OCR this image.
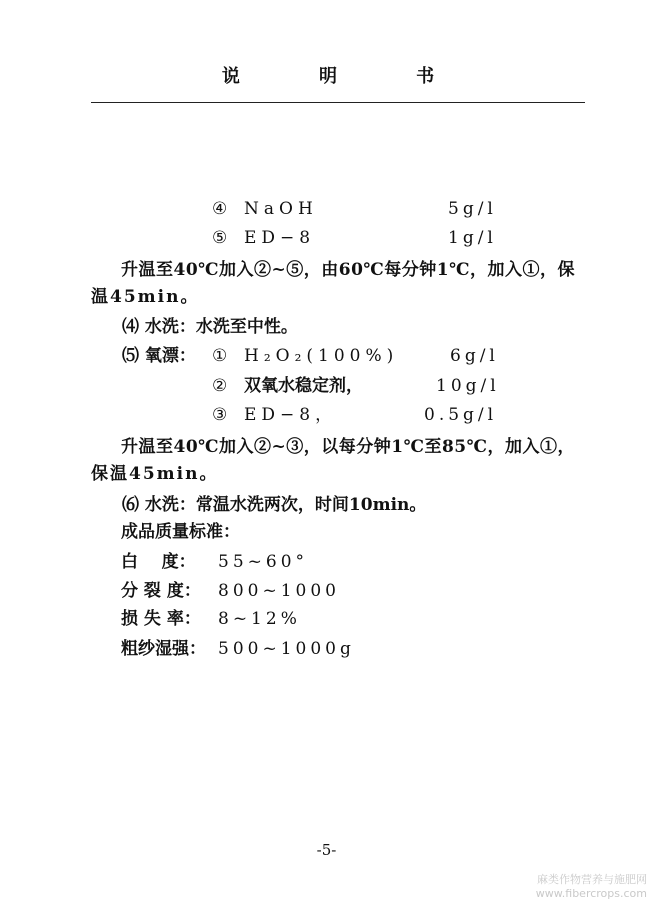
说	明	书
④ NaOH	5g/l
⑤ ED−8	1g/l
升温至40℃加入②~⑤，由60℃每分钟1℃，加入①，保
温45min。
⑷ 水洗：水洗至中性。
⑸ 氧漂： ① H₂O₂(100%)	6g/l
② 双氧水稳定剂，	10g/l
③ ED−8，	0.5g/l
升温至40℃加入②~③，以每分钟1℃至85℃，加入①，
保温45min。
⑹ 水洗：常温水洗两次，时间10min。
成品质量标准：
白    度： 55~60°
分 裂 度： 800~1000
损 失 率： 8~12%
粗纱湿强： 500~1000g
-5-
麻类作物营养与施肥网
www.fibercrops.com
